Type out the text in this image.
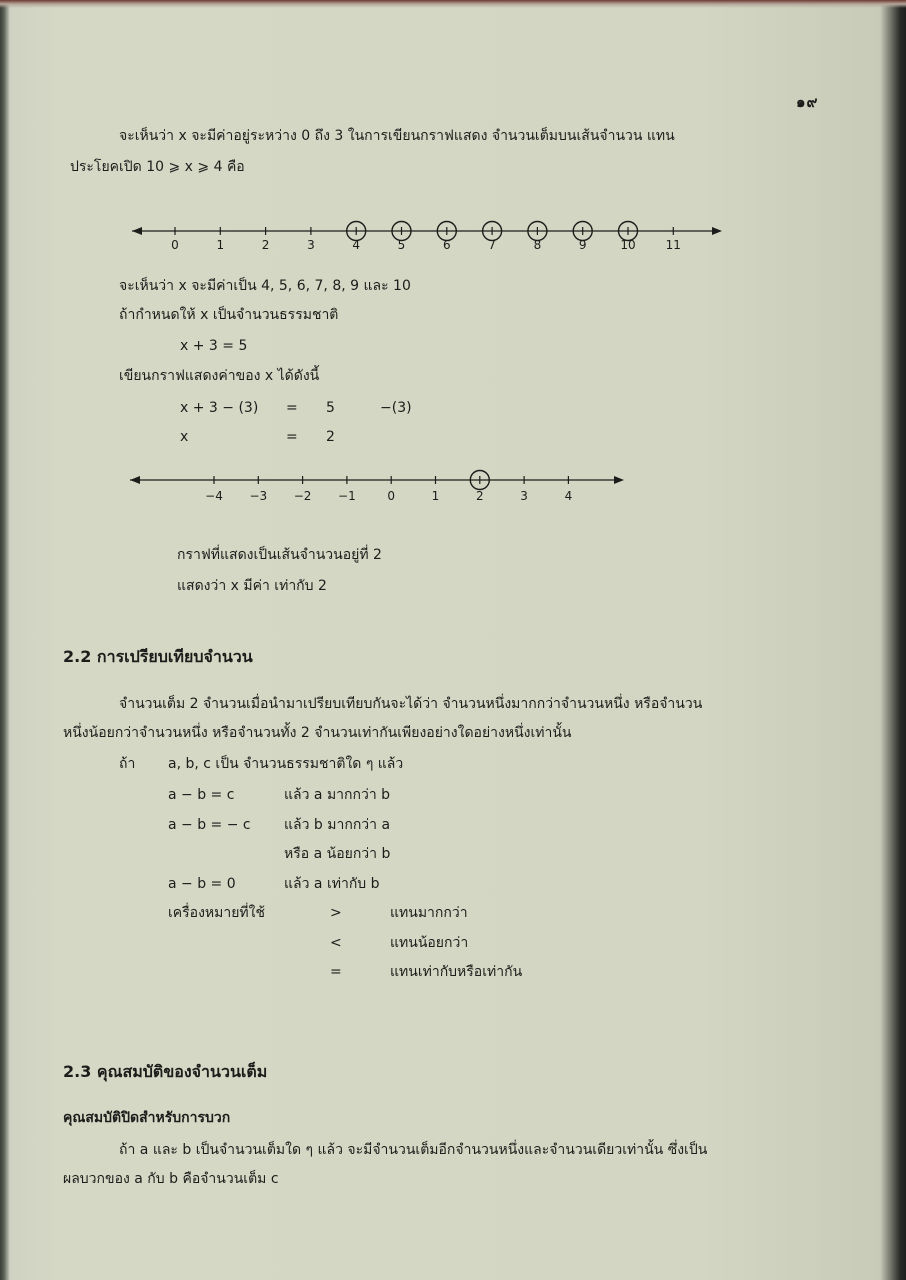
๑๙
จะเห็นว่า x จะมีค่าอยู่ระหว่าง 0 ถึง 3 ในการเขียนกราฟแสดง จำนวนเต็มบนเส้นจำนวน แทน
ประโยคเปิด 10 ⩾ x ⩾ 4 คือ
0	1	2	3	4	5	6	7	8	9	10	11
จะเห็นว่า x จะมีค่าเป็น 4, 5, 6, 7, 8, 9 และ 10
ถ้ากำหนดให้ x เป็นจำนวนธรรมชาติ
x + 3 = 5
เขียนกราฟแสดงค่าของ x ได้ดังนี้
x + 3 − (3) = 5	−(3)
x	= 2
−4 −3 −2 −1	0	1	2	3	4
กราฟที่แสดงเป็นเส้นจำนวนอยู่ที่ 2
แสดงว่า x มีค่า เท่ากับ 2
2.2 การเปรียบเทียบจำนวน
จำนวนเต็ม 2 จำนวนเมื่อนำมาเปรียบเทียบกันจะได้ว่า จำนวนหนึ่งมากกว่าจำนวนหนึ่ง หรือจำนวน
หนึ่งน้อยกว่าจำนวนหนึ่ง หรือจำนวนทั้ง 2 จำนวนเท่ากันเพียงอย่างใดอย่างหนึ่งเท่านั้น
ถ้า a, b, c เป็น จำนวนธรรมชาติใด ๆ แล้ว
a − b = c	แล้ว a มากกว่า b
a − b = − c แล้ว b มากกว่า a
หรือ a น้อยกว่า b
a − b = 0	แล้ว a เท่ากับ b
เครื่องหมายที่ใช้	>	แทนมากกว่า
<	แทนน้อยกว่า
=	แทนเท่ากับหรือเท่ากัน
2.3 คุณสมบัติของจำนวนเต็ม
คุณสมบัติปิดสำหรับการบวก
ถ้า a และ b เป็นจำนวนเต็มใด ๆ แล้ว จะมีจำนวนเต็มอีกจำนวนหนึ่งและจำนวนเดียวเท่านั้น ซึ่งเป็น
ผลบวกของ a กับ b คือจำนวนเต็ม c
